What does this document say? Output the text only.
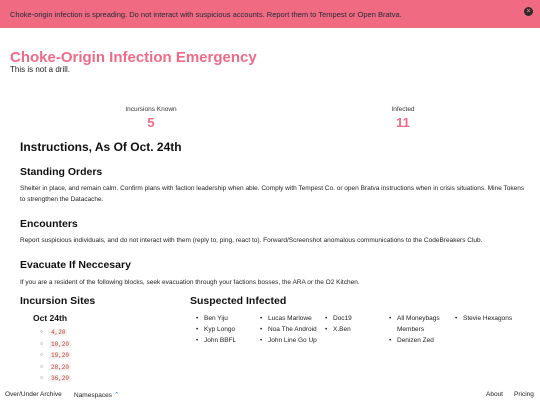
Choke-origin infection is spreading. Do not interact with suspicious accounts. Report them to Tempest or Open Bratva.	×
Choke-Origin Infection Emergency
This is not a drill.
Incursions Known
5
Infected
11
Instructions, As Of Oct. 24th
Standing Orders
Shelter in place, and remain calm. Confirm plans with faction leadership when able. Comply with Tempest Co. or open Bratva instructions when in crisis situations. Mine Tokens to strengthen the Datacache.
Encounters
Report suspicious individuals, and do not interact with them (reply to, ping, react to). Forward/Screenshot anomalous communications to the CodeBreakers Club.
Evacuate If Neccesary
If you are a resident of the following blocks, seek evacuation through your factions bosses, the ARA or the O2 Kitchen.
Incursion Sites
Oct 24th
○ 4,20
○ 10,20
○ 19,20
○ 28,20
○ 36,20
Suspected Infected
• Ben Yiju
• Kyp Longo
• John BBFL
• Lucas Marlowe
• Noa The Android
• John Line Go Up
• Doc19
• X.Ben
• All Moneybags Members
• Denizen Zed
• Stevie Hexagons
Over/Under Archive Namespaces ⌃	About Pricing
